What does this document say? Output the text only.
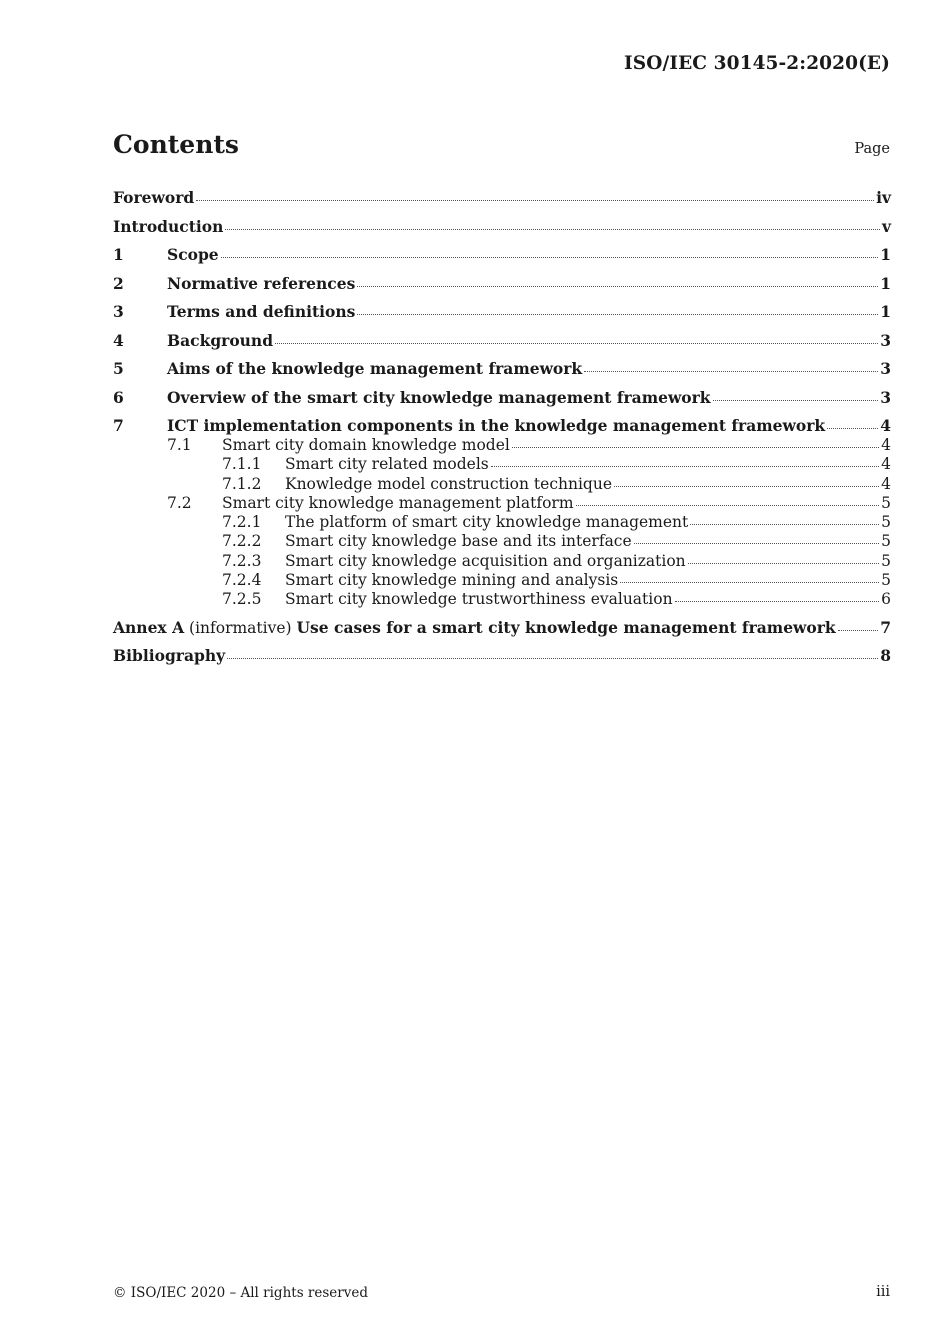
ISO/IEC 30145-2:2020(E)
Contents	Page
Foreword	iv
Introduction	v
1	Scope	1
2	Normative references	1
3	Terms and definitions	1
4	Background	3
5	Aims of the knowledge management framework	3
6	Overview of the smart city knowledge management framework	3
7	ICT implementation components in the knowledge management framework	4
7.1	Smart city domain knowledge model	4
7.1.1	Smart city related models	4
7.1.2	Knowledge model construction technique	4
7.2	Smart city knowledge management platform	5
7.2.1	The platform of smart city knowledge management	5
7.2.2	Smart city knowledge base and its interface	5
7.2.3	Smart city knowledge acquisition and organization	5
7.2.4	Smart city knowledge mining and analysis	5
7.2.5	Smart city knowledge trustworthiness evaluation	6
Annex A (informative) Use cases for a smart city knowledge management framework	7
Bibliography	8
© ISO/IEC 2020 – All rights reserved	iii
